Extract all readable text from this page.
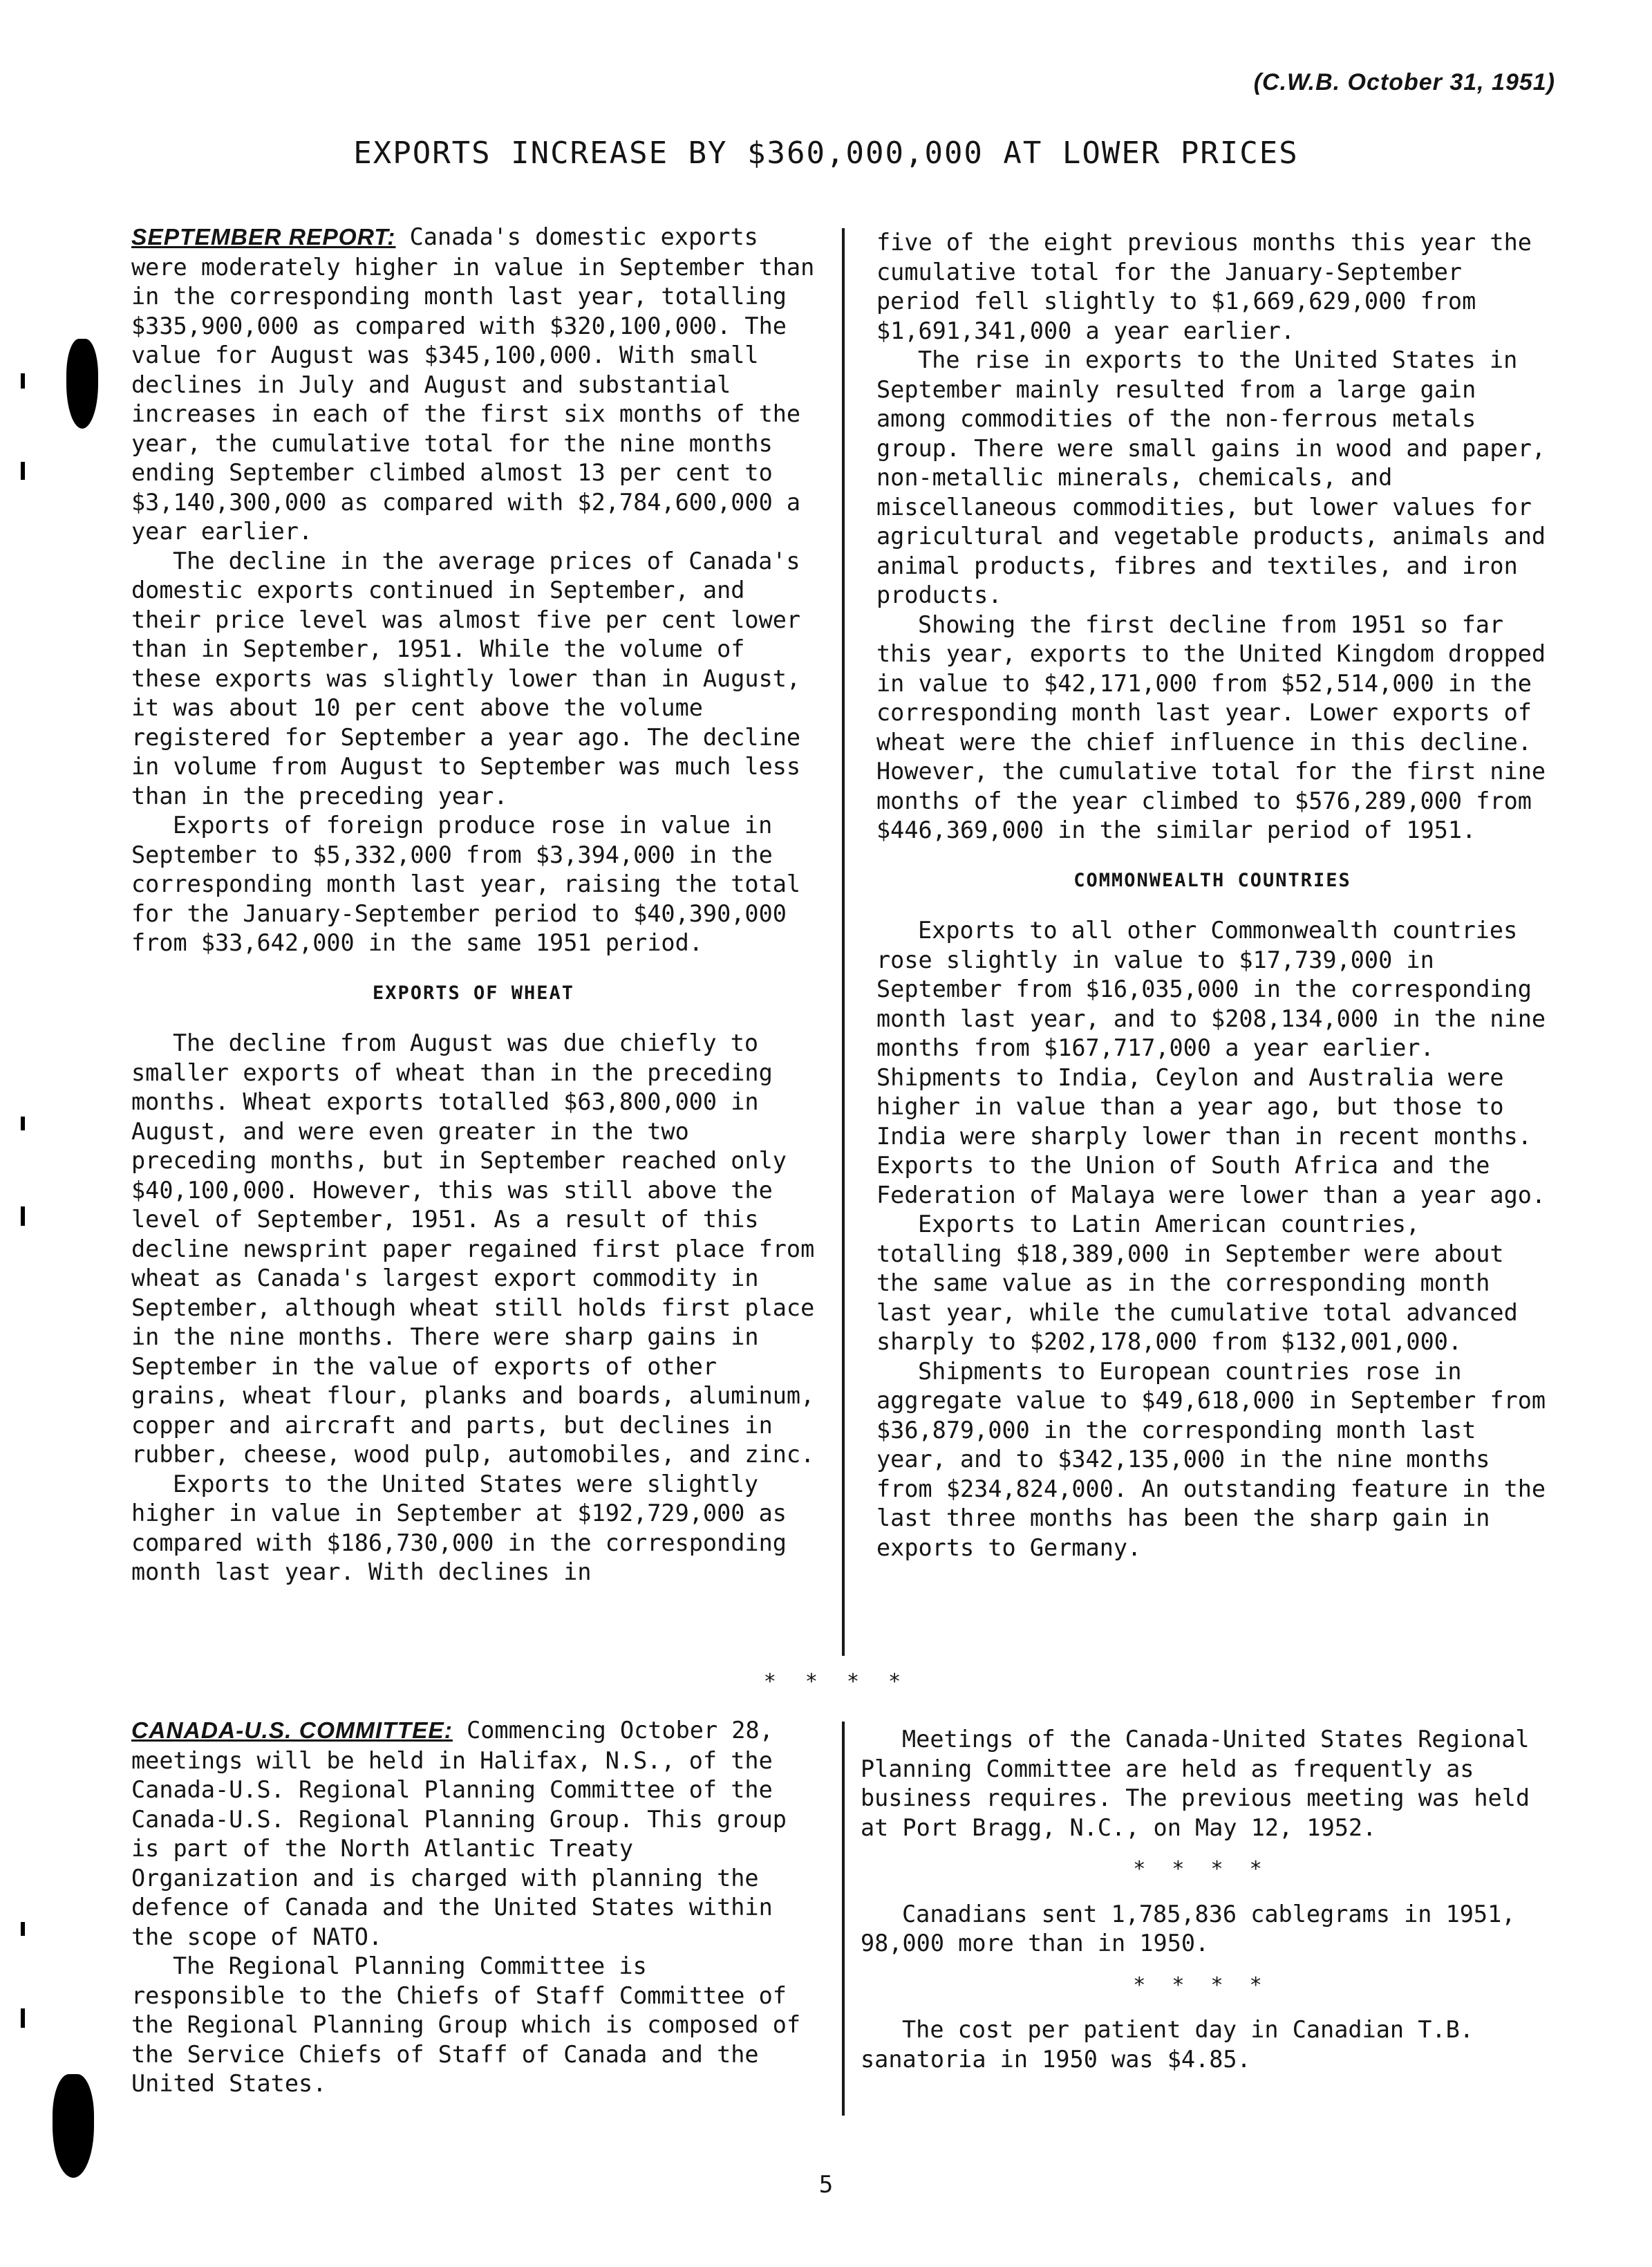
(C.W.B. October 31, 1951)
EXPORTS INCREASE BY $360,000,000 AT LOWER PRICES

SEPTEMBER REPORT: Canada's domestic exports were moderately higher in value in September than in the corresponding month last year, totalling $335,900,000 as compared with $320,100,000. The value for August was $345,100,000. With small declines in July and August and substantial increases in each of the first six months of the year, the cumulative total for the nine months ending September climbed almost 13 per cent to $3,140,300,000 as compared with $2,784,600,000 a year earlier.

The decline in the average prices of Canada's domestic exports continued in September, and their price level was almost five per cent lower than in September, 1951. While the volume of these exports was slightly lower than in August, it was about 10 per cent above the volume registered for September a year ago. The decline in volume from August to September was much less than in the preceding year.

Exports of foreign produce rose in value in September to $5,332,000 from $3,394,000 in the corresponding month last year, raising the total for the January-September period to $40,390,000 from $33,642,000 in the same 1951 period.

EXPORTS OF WHEAT

The decline from August was due chiefly to smaller exports of wheat than in the preceding months. Wheat exports totalled $63,800,000 in August, and were even greater in the two preceding months, but in September reached only $40,100,000. However, this was still above the level of September, 1951. As a result of this decline newsprint paper regained first place from wheat as Canada's largest export commodity in September, although wheat still holds first place in the nine months. There were sharp gains in September in the value of exports of other grains, wheat flour, planks and boards, aluminum, copper and aircraft and parts, but declines in rubber, cheese, wood pulp, automobiles, and zinc.

Exports to the United States were slightly higher in value in September at $192,729,000 as compared with $186,730,000 in the corresponding month last year. With declines in

five of the eight previous months this year the cumulative total for the January-September period fell slightly to $1,669,629,000 from $1,691,341,000 a year earlier.

The rise in exports to the United States in September mainly resulted from a large gain among commodities of the non-ferrous metals group. There were small gains in wood and paper, non-metallic minerals, chemicals, and miscellaneous commodities, but lower values for agricultural and vegetable products, animals and animal products, fibres and textiles, and iron products.

Showing the first decline from 1951 so far this year, exports to the United Kingdom dropped in value to $42,171,000 from $52,514,000 in the corresponding month last year. Lower exports of wheat were the chief influence in this decline. However, the cumulative total for the first nine months of the year climbed to $576,289,000 from $446,369,000 in the similar period of 1951.

COMMONWEALTH COUNTRIES

Exports to all other Commonwealth countries rose slightly in value to $17,739,000 in September from $16,035,000 in the corresponding month last year, and to $208,134,000 in the nine months from $167,717,000 a year earlier. Shipments to India, Ceylon and Australia were higher in value than a year ago, but those to India were sharply lower than in recent months. Exports to the Union of South Africa and the Federation of Malaya were lower than a year ago.

Exports to Latin American countries, totalling $18,389,000 in September were about the same value as in the corresponding month last year, while the cumulative total advanced sharply to $202,178,000 from $132,001,000.

Shipments to European countries rose in aggregate value to $49,618,000 in September from $36,879,000 in the corresponding month last year, and to $342,135,000 in the nine months from $234,824,000. An outstanding feature in the last three months has been the sharp gain in exports to Germany.

* * * *

CANADA-U.S. COMMITTEE: Commencing October 28, meetings will be held in Halifax, N.S., of the Canada-U.S. Regional Planning Committee of the Canada-U.S. Regional Planning Group. This group is part of the North Atlantic Treaty Organization and is charged with planning the defence of Canada and the United States within the scope of NATO.

The Regional Planning Committee is responsible to the Chiefs of Staff Committee of the Regional Planning Group which is composed of the Service Chiefs of Staff of Canada and the United States.

Meetings of the Canada-United States Regional Planning Committee are held as frequently as business requires. The previous meeting was held at Port Bragg, N.C., on May 12, 1952.

* * * *

Canadians sent 1,785,836 cablegrams in 1951, 98,000 more than in 1950.

* * * *

The cost per patient day in Canadian T.B. sanatoria in 1950 was $4.85.

5
